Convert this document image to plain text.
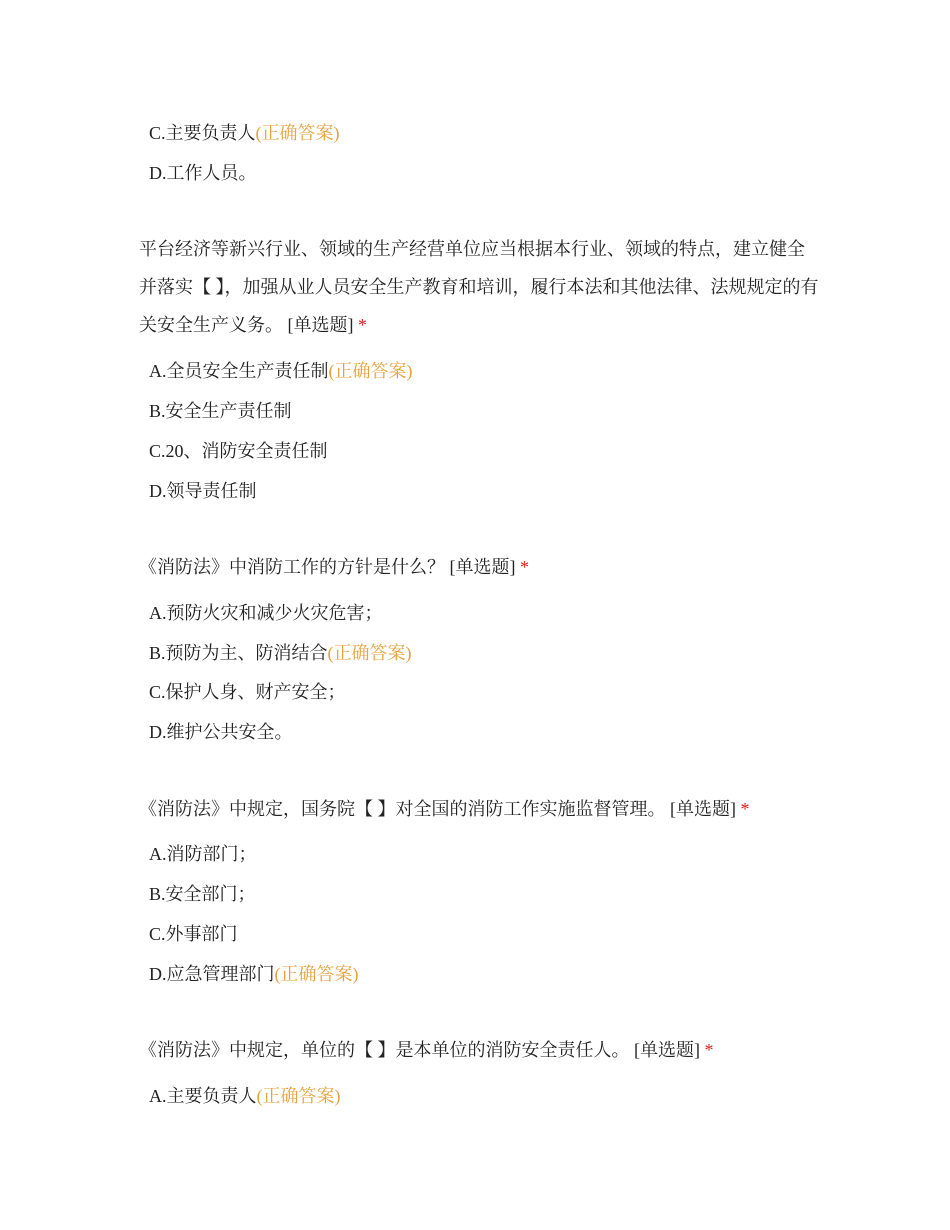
C.主要负责人(正确答案)
D.工作人员。

平台经济等新兴行业、领域的生产经营单位应当根据本行业、领域的特点，建立健全并落实【 】，加强从业人员安全生产教育和培训，履行本法和其他法律、法规规定的有关安全生产义务。 [单选题] *

A.全员安全生产责任制(正确答案)
B.安全生产责任制
C.20、消防安全责任制
D.领导责任制

《消防法》中消防工作的方针是什么？ [单选题] *

A.预防火灾和减少火灾危害；
B.预防为主、防消结合(正确答案)
C.保护人身、财产安全；
D.维护公共安全。

《消防法》中规定，国务院【 】对全国的消防工作实施监督管理。 [单选题] *

A.消防部门；
B.安全部门；
C.外事部门
D.应急管理部门(正确答案)

《消防法》中规定，单位的【 】是本单位的消防安全责任人。 [单选题] *

A.主要负责人(正确答案)
